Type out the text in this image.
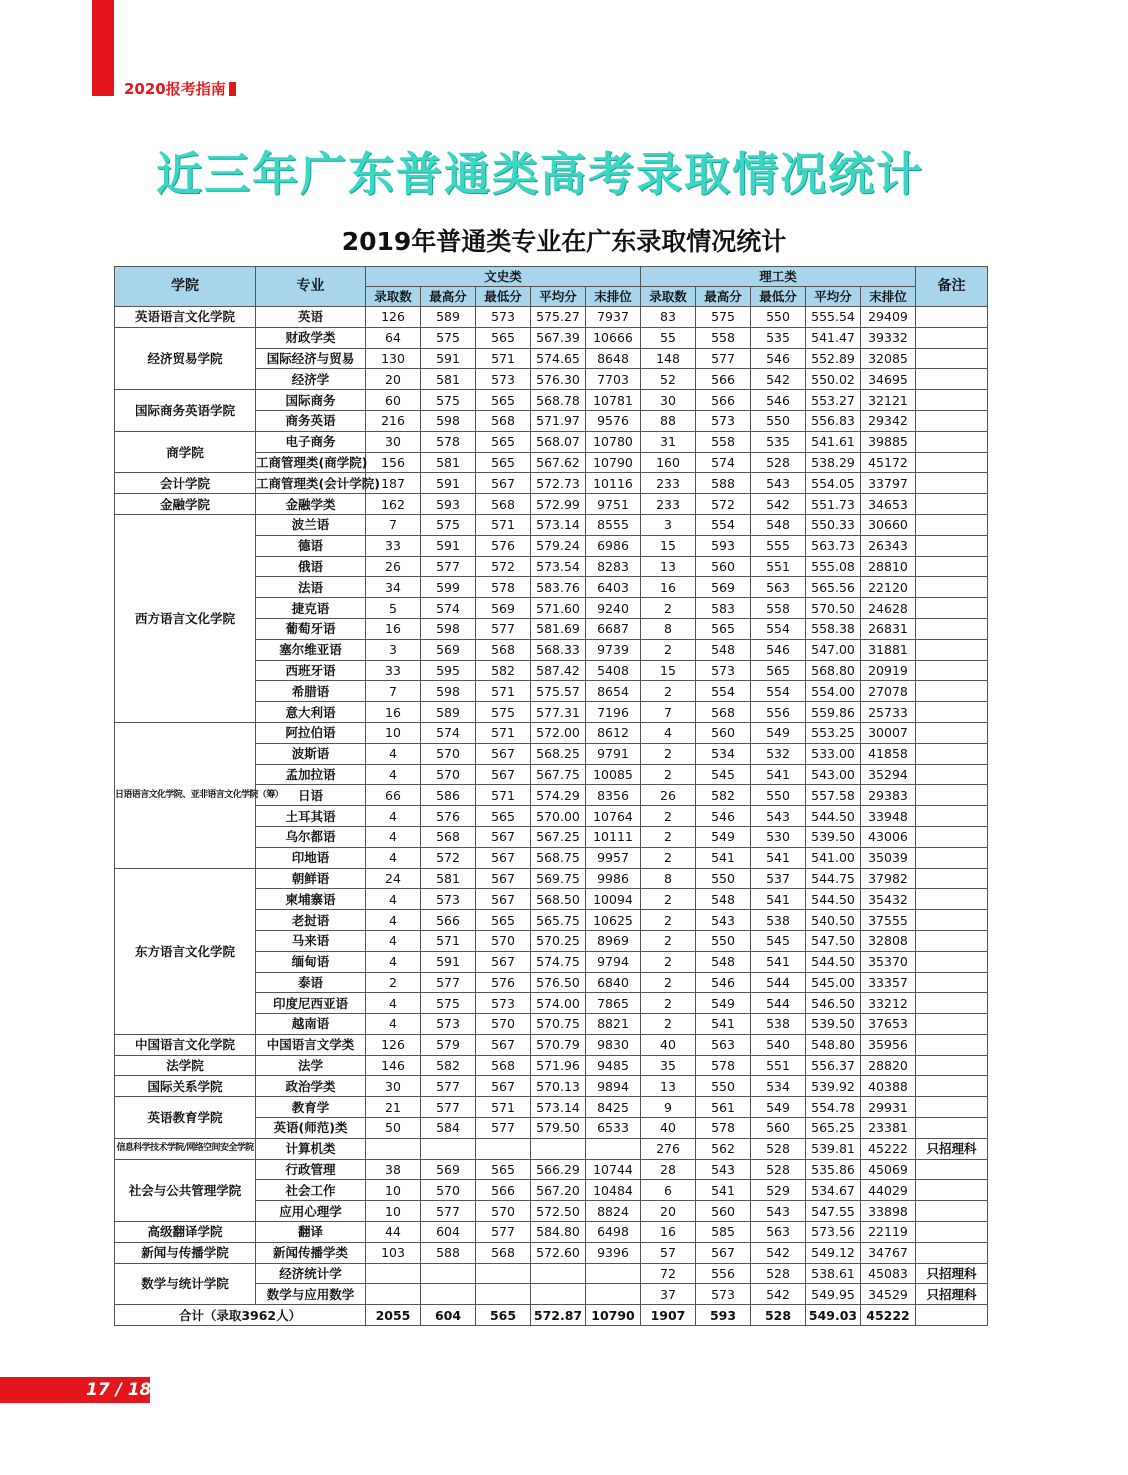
2020报考指南
近三年广东普通类高考录取情况统计
2019年普通类专业在广东录取情况统计
学院	专业	文史类					理工类					备注
		录取数	最高分	最低分	平均分	末排位	录取数	最高分	最低分	平均分	末排位	
英语语言文化学院	英语	126	589	573	575.27	7937	83	575	550	555.54	29409	
经济贸易学院	财政学类	64	575	565	567.39	10666	55	558	535	541.47	39332	
	国际经济与贸易	130	591	571	574.65	8648	148	577	546	552.89	32085	
	经济学	20	581	573	576.30	7703	52	566	542	550.02	34695	
国际商务英语学院	国际商务	60	575	565	568.78	10781	30	566	546	553.27	32121	
	商务英语	216	598	568	571.97	9576	88	573	550	556.83	29342	
商学院	电子商务	30	578	565	568.07	10780	31	558	535	541.61	39885	
	工商管理类(商学院)	156	581	565	567.62	10790	160	574	528	538.29	45172	
会计学院	工商管理类(会计学院)	187	591	567	572.73	10116	233	588	543	554.05	33797	
金融学院	金融学类	162	593	568	572.99	9751	233	572	542	551.73	34653	
西方语言文化学院	波兰语	7	575	571	573.14	8555	3	554	548	550.33	30660	
	德语	33	591	576	579.24	6986	15	593	555	563.73	26343	
	俄语	26	577	572	573.54	8283	13	560	551	555.08	28810	
	法语	34	599	578	583.76	6403	16	569	563	565.56	22120	
	捷克语	5	574	569	571.60	9240	2	583	558	570.50	24628	
	葡萄牙语	16	598	577	581.69	6687	8	565	554	558.38	26831	
	塞尔维亚语	3	569	568	568.33	9739	2	548	546	547.00	31881	
	西班牙语	33	595	582	587.42	5408	15	573	565	568.80	20919	
	希腊语	7	598	571	575.57	8654	2	554	554	554.00	27078	
	意大利语	16	589	575	577.31	7196	7	568	556	559.86	25733	
日语语言文化学院、亚非语言文化学院（筹）	阿拉伯语	10	574	571	572.00	8612	4	560	549	553.25	30007	
	波斯语	4	570	567	568.25	9791	2	534	532	533.00	41858	
	孟加拉语	4	570	567	567.75	10085	2	545	541	543.00	35294	
	日语	66	586	571	574.29	8356	26	582	550	557.58	29383	
	土耳其语	4	576	565	570.00	10764	2	546	543	544.50	33948	
	乌尔都语	4	568	567	567.25	10111	2	549	530	539.50	43006	
	印地语	4	572	567	568.75	9957	2	541	541	541.00	35039	
东方语言文化学院	朝鲜语	24	581	567	569.75	9986	8	550	537	544.75	37982	
	柬埔寨语	4	573	567	568.50	10094	2	548	541	544.50	35432	
	老挝语	4	566	565	565.75	10625	2	543	538	540.50	37555	
	马来语	4	571	570	570.25	8969	2	550	545	547.50	32808	
	缅甸语	4	591	567	574.75	9794	2	548	541	544.50	35370	
	泰语	2	577	576	576.50	6840	2	546	544	545.00	33357	
	印度尼西亚语	4	575	573	574.00	7865	2	549	544	546.50	33212	
	越南语	4	573	570	570.75	8821	2	541	538	539.50	37653	
中国语言文化学院	中国语言文学类	126	579	567	570.79	9830	40	563	540	548.80	35956	
法学院	法学	146	582	568	571.96	9485	35	578	551	556.37	28820	
国际关系学院	政治学类	30	577	567	570.13	9894	13	550	534	539.92	40388	
英语教育学院	教育学	21	577	571	573.14	8425	9	561	549	554.78	29931	
	英语(师范)类	50	584	577	579.50	6533	40	578	560	565.25	23381	
信息科学技术学院/网络空间安全学院	计算机类						276	562	528	539.81	45222	只招理科
社会与公共管理学院	行政管理	38	569	565	566.29	10744	28	543	528	535.86	45069	
	社会工作	10	570	566	567.20	10484	6	541	529	534.67	44029	
	应用心理学	10	577	570	572.50	8824	20	560	543	547.55	33898	
高级翻译学院	翻译	44	604	577	584.80	6498	16	585	563	573.56	22119	
新闻与传播学院	新闻传播学类	103	588	568	572.60	9396	57	567	542	549.12	34767	
数学与统计学院	经济统计学						72	556	528	538.61	45083	只招理科
	数学与应用数学						37	573	542	549.95	34529	只招理科
合计（录取3962人）		2055	604	565	572.87	10790	1907	593	528	549.03	45222	
17 / 18
